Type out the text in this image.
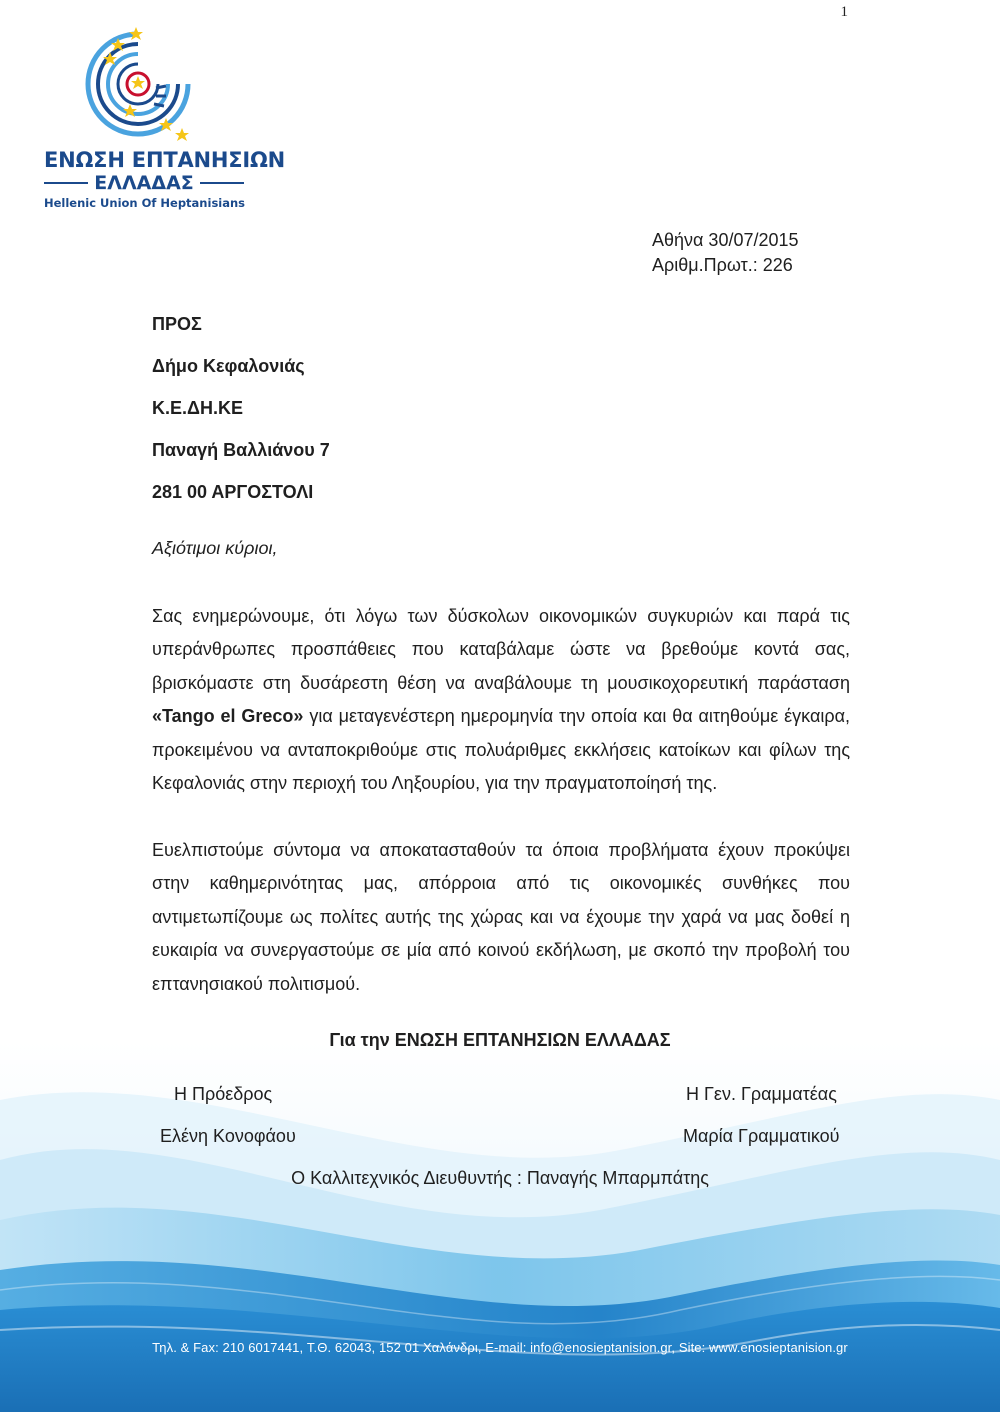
1
ΕΝΩΣΗ ΕΠΤΑΝΗΣΙΩΝ
ΕΛΛΑΔΑΣ
Hellenic Union Of Heptanisians
Αθήνα 30/07/2015
Αριθμ.Πρωτ.: 226
ΠΡΟΣ
Δήμο Κεφαλονιάς
Κ.Ε.ΔΗ.ΚΕ
Παναγή Βαλλιάνου 7
281 00 ΑΡΓΟΣΤΟΛΙ
Αξιότιμοι κύριοι,
Σας ενημερώνουμε, ότι λόγω των δύσκολων οικονομικών συγκυριών και παρά τις υπεράνθρωπες προσπάθειες που καταβάλαμε ώστε να βρεθούμε κοντά σας, βρισκόμαστε στη δυσάρεστη θέση να αναβάλουμε τη μουσικοχορευτική παράσταση «Tango el Greco» για μεταγενέστερη ημερομηνία την οποία και θα αιτηθούμε έγκαιρα, προκειμένου να ανταποκριθούμε στις πολυάριθμες εκκλήσεις κατοίκων και φίλων της Κεφαλονιάς στην περιοχή του Ληξουρίου, για την πραγματοποίησή της.
Ευελπιστούμε σύντομα να αποκατασταθούν τα όποια προβλήματα έχουν προκύψει στην καθημερινότητας μας, απόρροια από τις οικονομικές συνθήκες που αντιμετωπίζουμε ως πολίτες αυτής της χώρας και να έχουμε την χαρά να μας δοθεί η ευκαιρία να συνεργαστούμε σε μία από κοινού εκδήλωση, με σκοπό την προβολή του επτανησιακού πολιτισμού.
Για την ΕΝΩΣΗ ΕΠΤΑΝΗΣΙΩΝ ΕΛΛΑΔΑΣ
Η Πρόεδρος
Ελένη Κονοφάου
Η Γεν. Γραμματέας
Μαρία Γραμματικού
Ο Καλλιτεχνικός Διευθυντής : Παναγής Μπαρμπάτης
Τηλ. & Fax: 210 6017441, Τ.Θ. 62043, 152 01 Χαλάνδρι, E-mail: info@enosieptanision.gr, Site: www.enosieptanision.gr
